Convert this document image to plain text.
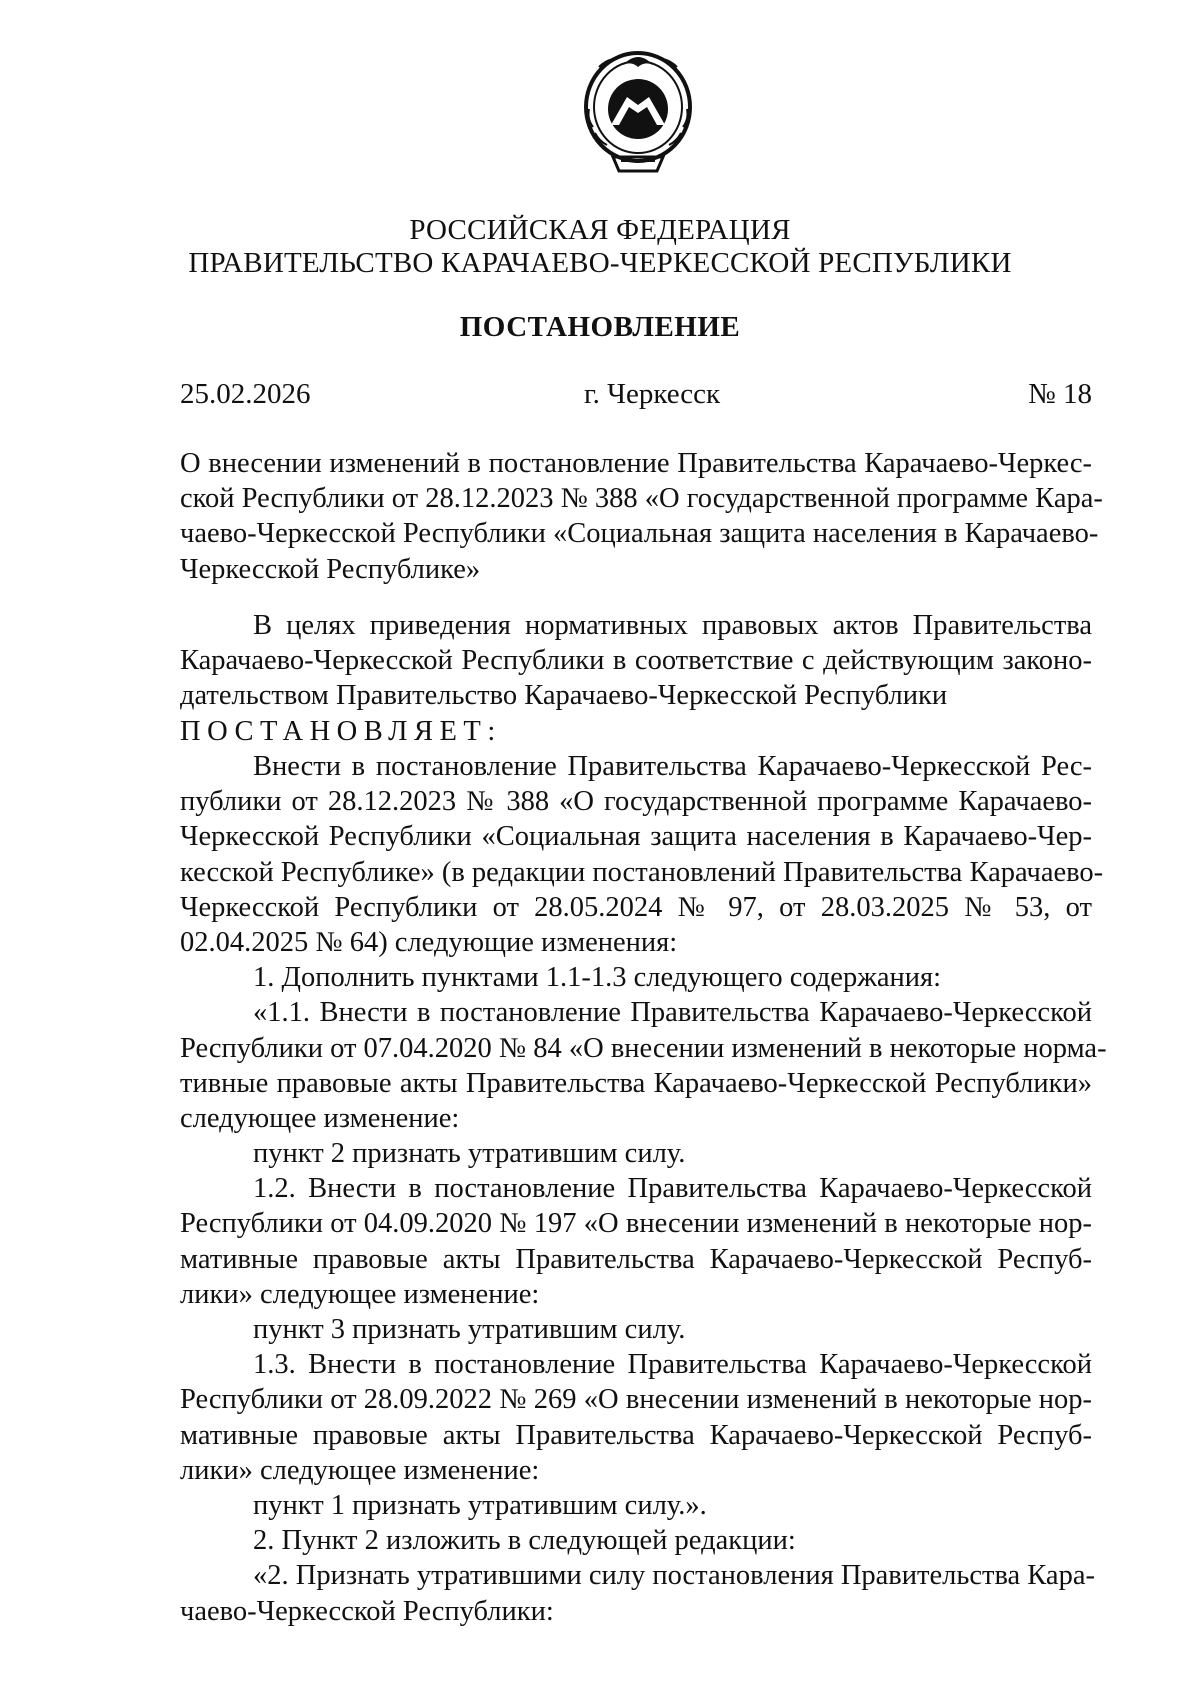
РОССИЙСКАЯ ФЕДЕРАЦИЯ
ПРАВИТЕЛЬСТВО КАРАЧАЕВО-ЧЕРКЕССКОЙ РЕСПУБЛИКИ
ПОСТАНОВЛЕНИЕ
25.02.2026	г. Черкесск	№ 18
О внесении изменений в постановление Правительства Карачаево-Черкес-
ской Республики от 28.12.2023 № 388 «О государственной программе Кара-
чаево-Черкесской Республики «Социальная защита населения в Карачаево-
Черкесской Республике»
В целях приведения нормативных правовых актов Правительства
Карачаево-Черкесской Республики в соответствие с действующим законо-
дательством Правительство Карачаево-Черкесской Республики
ПОСТАНОВЛЯЕТ:
Внести в постановление Правительства Карачаево-Черкесской Рес-
публики от 28.12.2023 № 388 «О государственной программе Карачаево-
Черкесской Республики «Социальная защита населения в Карачаево-Чер-
кесской Республике» (в редакции постановлений Правительства Карачаево-
Черкесской Республики от 28.05.2024 № 97, от 28.03.2025 № 53, от
02.04.2025 № 64) следующие изменения:
1. Дополнить пунктами 1.1-1.3 следующего содержания:
«1.1. Внести в постановление Правительства Карачаево-Черкесской
Республики от 07.04.2020 № 84 «О внесении изменений в некоторые норма-
тивные правовые акты Правительства Карачаево-Черкесской Республики»
следующее изменение:
пункт 2 признать утратившим силу.
1.2. Внести в постановление Правительства Карачаево-Черкесской
Республики от 04.09.2020 № 197 «О внесении изменений в некоторые нор-
мативные правовые акты Правительства Карачаево-Черкесской Респуб-
лики» следующее изменение:
пункт 3 признать утратившим силу.
1.3. Внести в постановление Правительства Карачаево-Черкесской
Республики от 28.09.2022 № 269 «О внесении изменений в некоторые нор-
мативные правовые акты Правительства Карачаево-Черкесской Респуб-
лики» следующее изменение:
пункт 1 признать утратившим силу.».
2. Пункт 2 изложить в следующей редакции:
«2. Признать утратившими силу постановления Правительства Кара-
чаево-Черкесской Республики:
